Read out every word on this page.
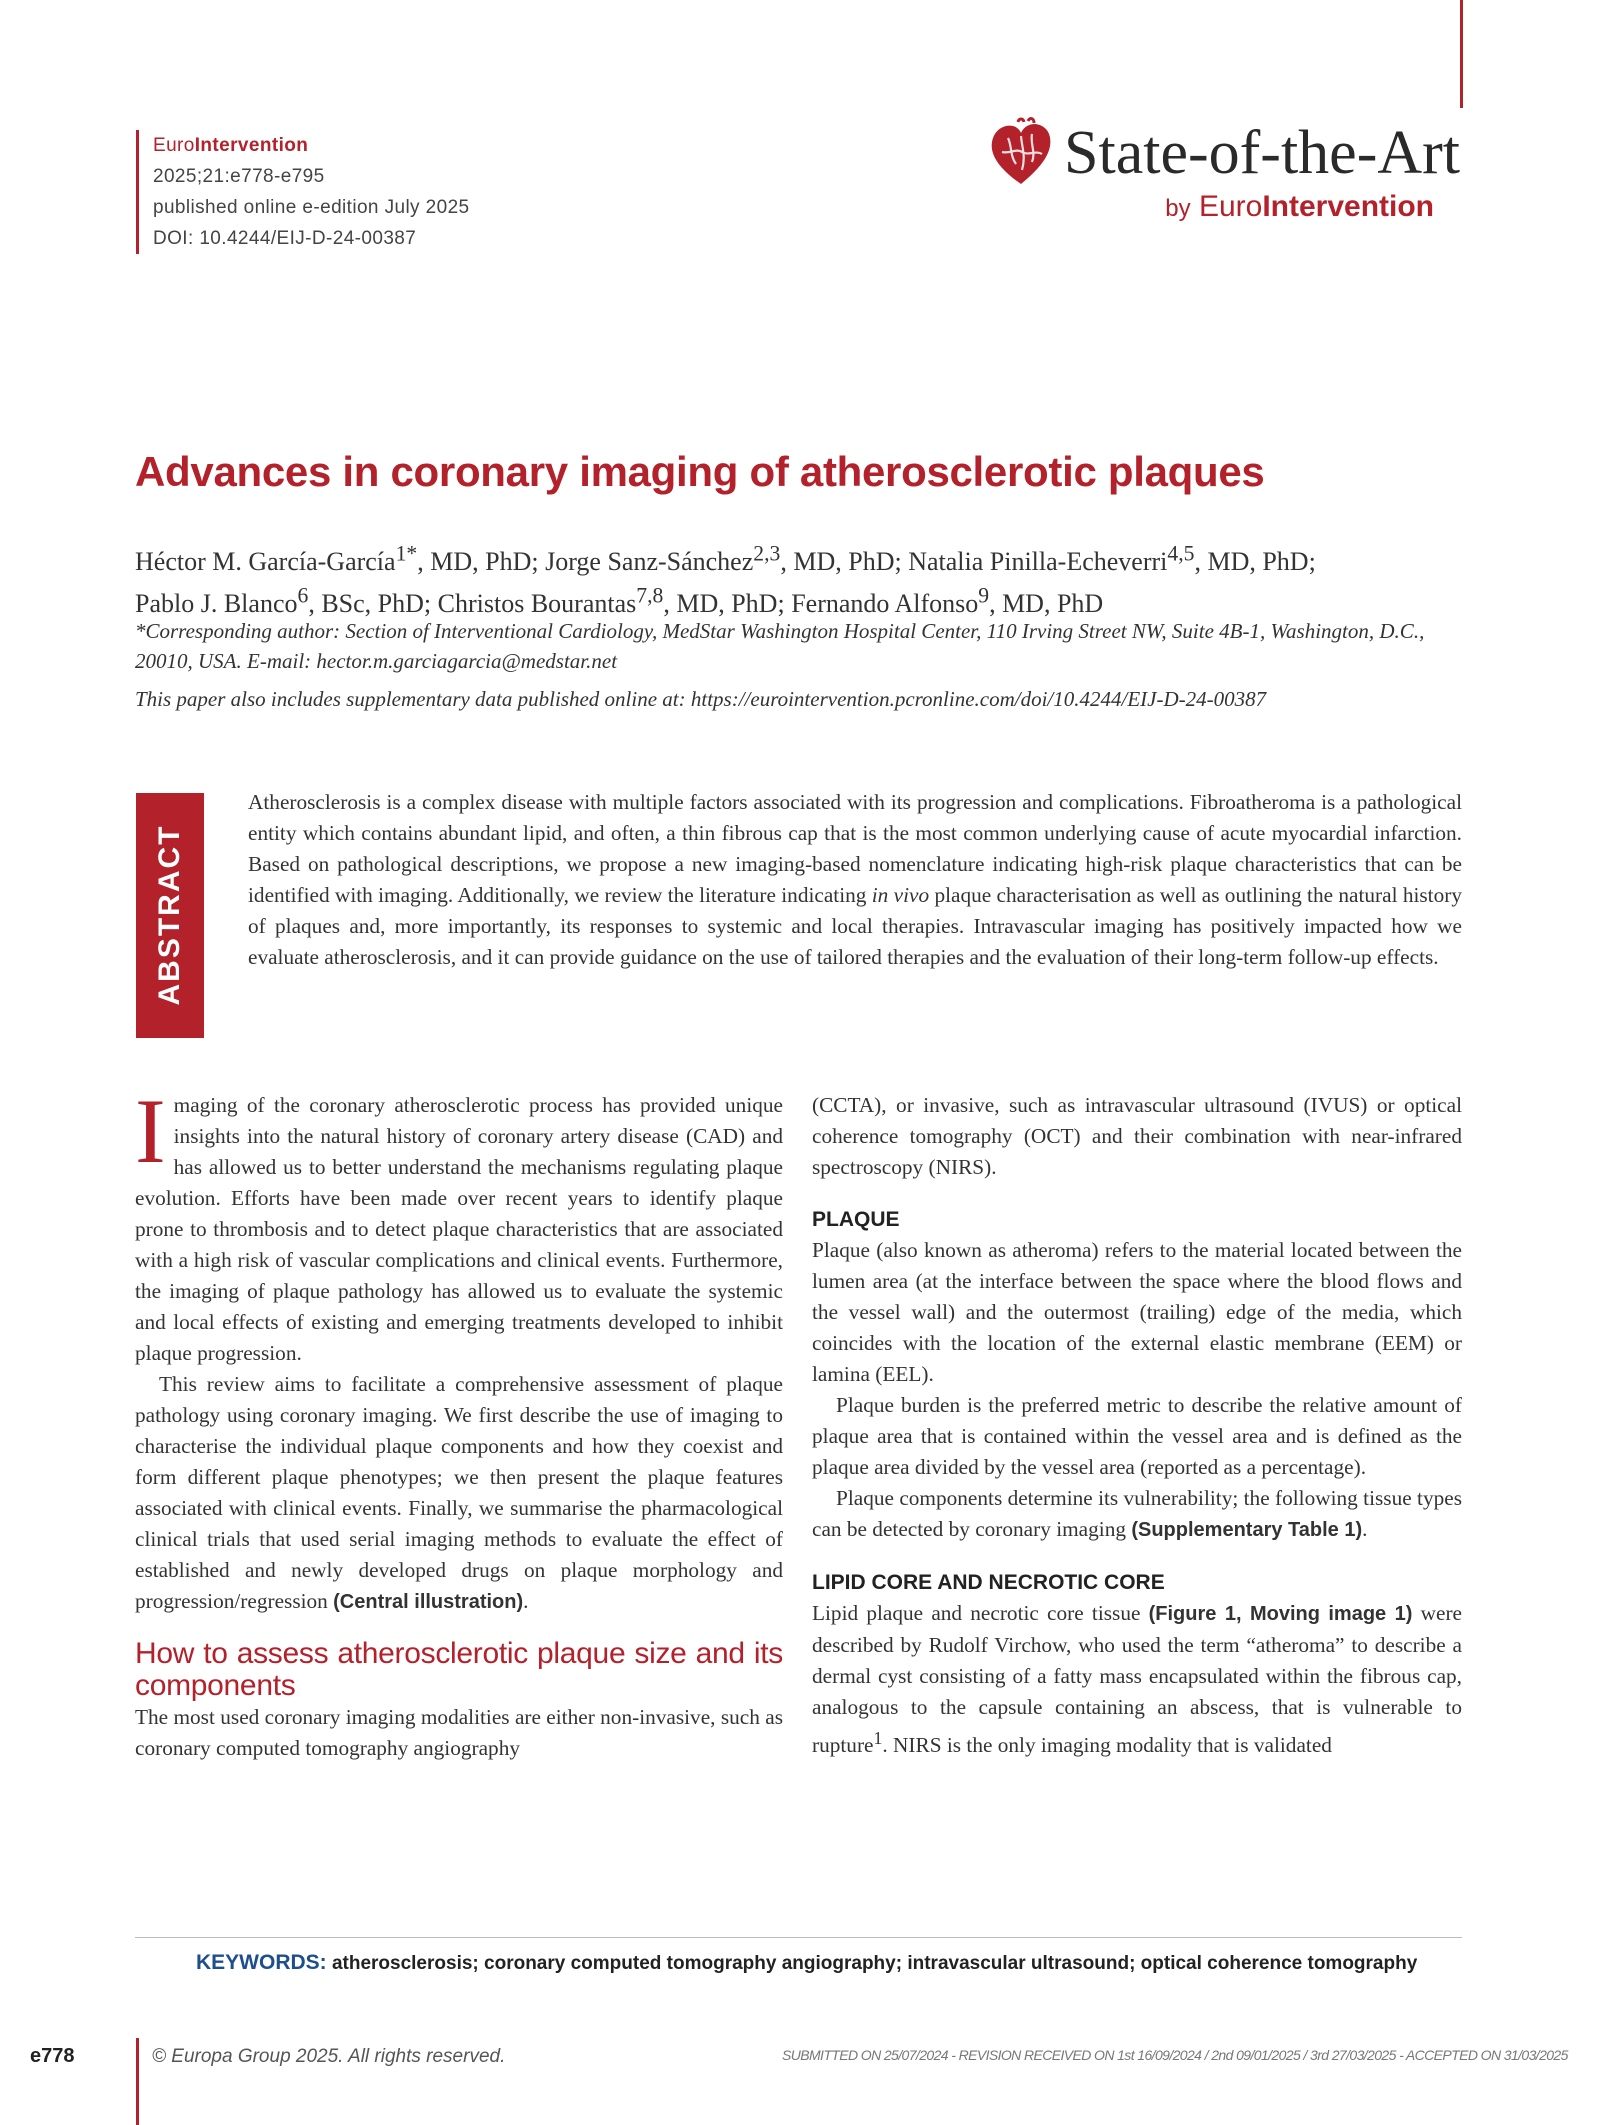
EuroIntervention
2025;21:e778-e795
published online e-edition July 2025
DOI: 10.4244/EIJ-D-24-00387
State-of-the-Art
by EuroIntervention
Advances in coronary imaging of atherosclerotic plaques
Héctor M. García-García$^{1*}$, MD, PhD; Jorge Sanz-Sánchez$^{2,3}$, MD, PhD; Natalia Pinilla-Echeverri$^{4,5}$, MD, PhD;
Pablo J. Blanco$^6$, BSc, PhD; Christos Bourantas$^{7,8}$, MD, PhD; Fernando Alfonso$^9$, MD, PhD
*Corresponding author: Section of Interventional Cardiology, MedStar Washington Hospital Center, 110 Irving Street NW, Suite 4B-1, Washington, D.C., 20010, USA. E-mail: hector.m.garciagarcia@medstar.net
This paper also includes supplementary data published online at: https://eurointervention.pcronline.com/doi/10.4244/EIJ-D-24-00387
ABSTRACT
Atherosclerosis is a complex disease with multiple factors associated with its progression and complications. Fibroatheroma is a pathological entity which contains abundant lipid, and often, a thin fibrous cap that is the most common underlying cause of acute myocardial infarction. Based on pathological descriptions, we propose a new imaging-based nomenclature indicating high-risk plaque characteristics that can be identified with imaging. Additionally, we review the literature indicating in vivo plaque characterisation as well as outlining the natural history of plaques and, more importantly, its responses to systemic and local therapies. Intravascular imaging has positively impacted how we evaluate atherosclerosis, and it can provide guidance on the use of tailored therapies and the evaluation of their long-term follow-up effects.

Imaging of the coronary atherosclerotic process has provided unique insights into the natural history of coronary artery disease (CAD) and has allowed us to better understand the mechanisms regulating plaque evolution. Efforts have been made over recent years to identify plaque prone to thrombosis and to detect plaque characteristics that are associated with a high risk of vascular complications and clinical events. Furthermore, the imaging of plaque pathology has allowed us to evaluate the systemic and local effects of existing and emerging treatments developed to inhibit plaque progression.

This review aims to facilitate a comprehensive assessment of plaque pathology using coronary imaging. We first describe the use of imaging to characterise the individual plaque components and how they coexist and form different plaque phenotypes; we then present the plaque features associated with clinical events. Finally, we summarise the pharmacological clinical trials that used serial imaging methods to evaluate the effect of established and newly developed drugs on plaque morphology and progression/regression (Central illustration).

How to assess atherosclerotic plaque size and its components

The most used coronary imaging modalities are either non-invasive, such as coronary computed tomography angiography

(CCTA), or invasive, such as intravascular ultrasound (IVUS) or optical coherence tomography (OCT) and their combination with near-infrared spectroscopy (NIRS).

PLAQUE

Plaque (also known as atheroma) refers to the material located between the lumen area (at the interface between the space where the blood flows and the vessel wall) and the outermost (trailing) edge of the media, which coincides with the location of the external elastic membrane (EEM) or lamina (EEL).

Plaque burden is the preferred metric to describe the relative amount of plaque area that is contained within the vessel area and is defined as the plaque area divided by the vessel area (reported as a percentage).

Plaque components determine its vulnerability; the following tissue types can be detected by coronary imaging (Supplementary Table 1).

LIPID CORE AND NECROTIC CORE

Lipid plaque and necrotic core tissue (Figure 1, Moving image 1) were described by Rudolf Virchow, who used the term “atheroma” to describe a dermal cyst consisting of a fatty mass encapsulated within the fibrous cap, analogous to the capsule containing an abscess, that is vulnerable to rupture$^1$. NIRS is the only imaging modality that is validated

KEYWORDS: atherosclerosis; coronary computed tomography angiography; intravascular ultrasound; optical coherence tomography
e778	© Europa Group 2025. All rights reserved.	SUBMITTED ON 25/07/2024 - REVISION RECEIVED ON 1st 16/09/2024 / 2nd 09/01/2025 / 3rd 27/03/2025 - ACCEPTED ON 31/03/2025
